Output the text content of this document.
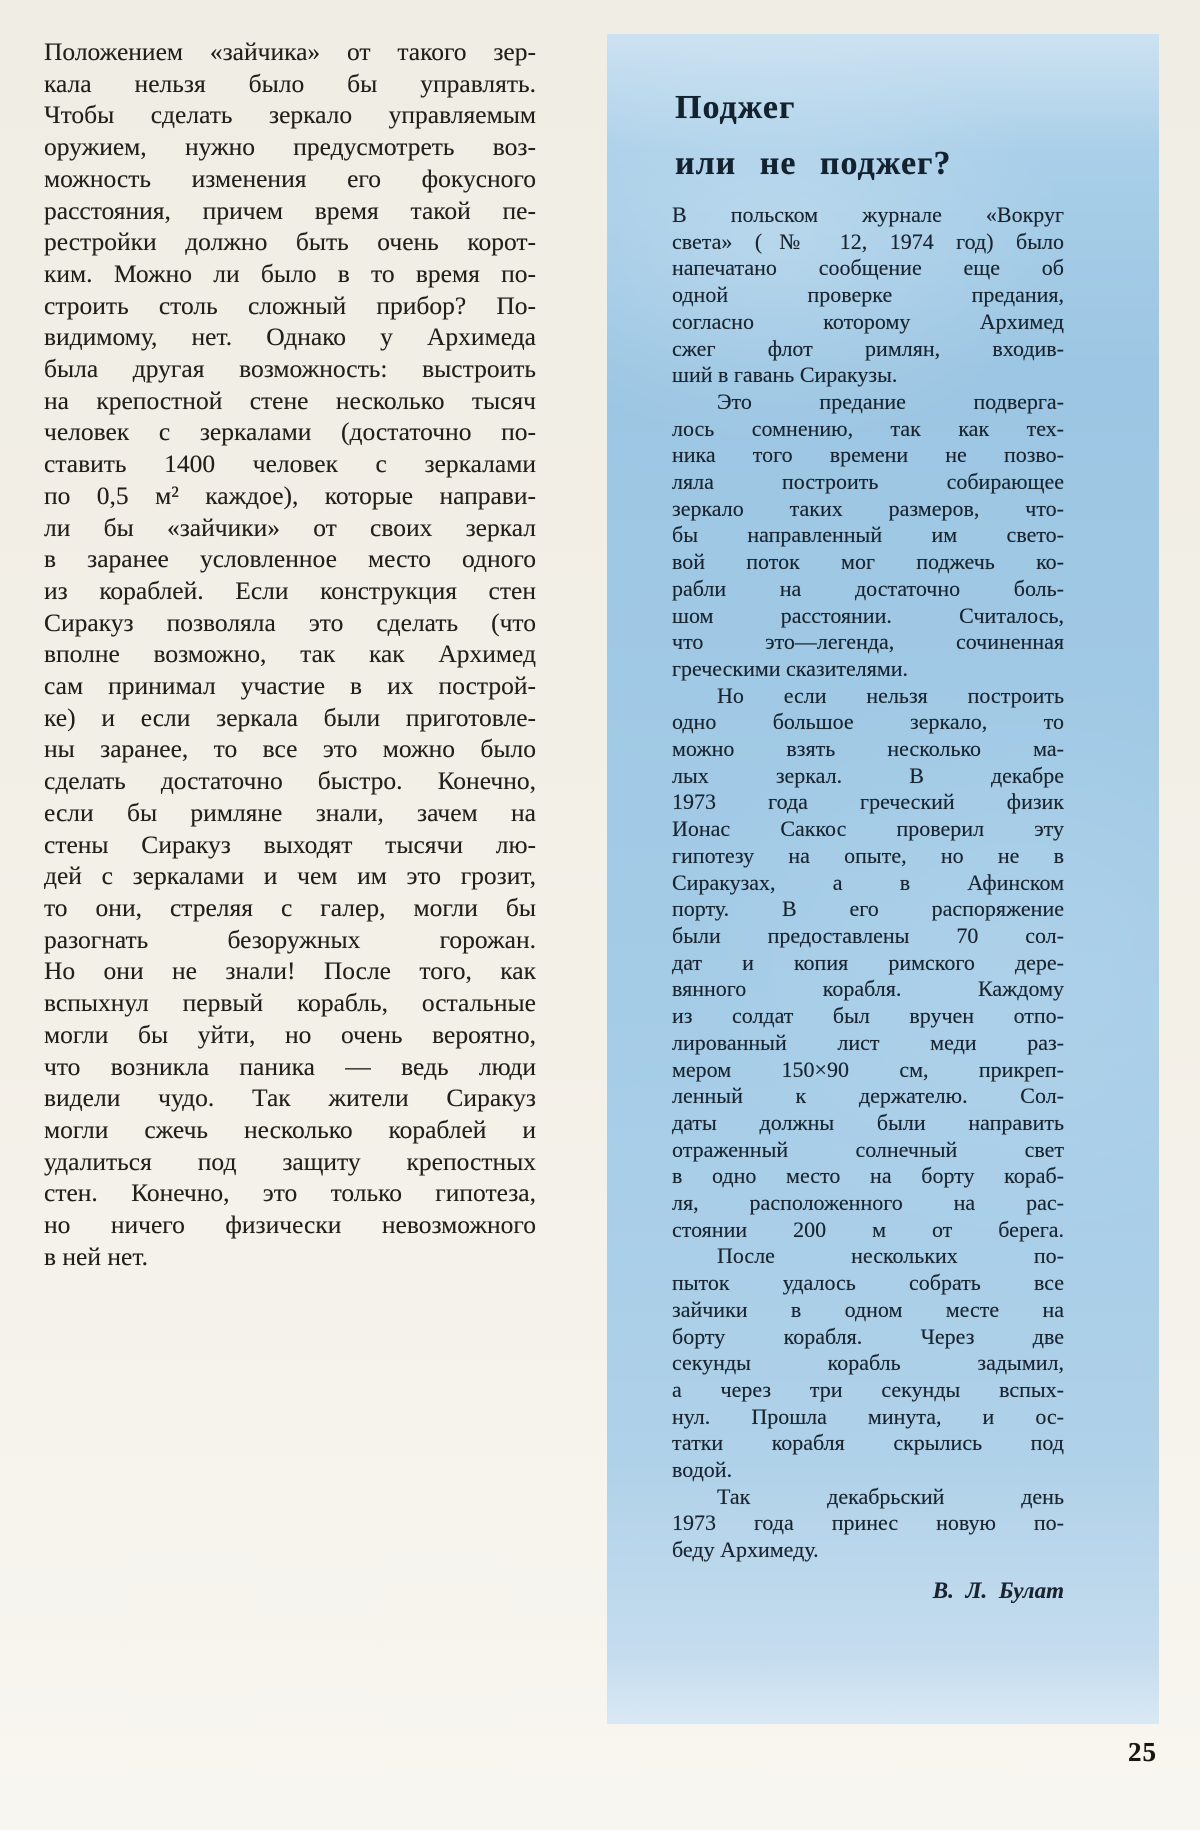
Положением «зайчика» от такого зер-
кала нельзя было бы управлять.
Чтобы сделать зеркало управляемым
оружием, нужно предусмотреть воз-
можность изменения его фокусного
расстояния, причем время такой пе-
рестройки должно быть очень корот-
ким. Можно ли было в то время по-
строить столь сложный прибор? По-
видимому, нет. Однако у Архимеда
была другая возможность: выстроить
на крепостной стене несколько тысяч
человек с зеркалами (достаточно по-
ставить 1400 человек с зеркалами
по 0,5 м² каждое), которые направи-
ли бы «зайчики» от своих зеркал
в заранее условленное место одного
из кораблей. Если конструкция стен
Сиракуз позволяла это сделать (что
вполне возможно, так как Архимед
сам принимал участие в их построй-
ке) и если зеркала были приготовле-
ны заранее, то все это можно было
сделать достаточно быстро. Конечно,
если бы римляне знали, зачем на
стены Сиракуз выходят тысячи лю-
дей с зеркалами и чем им это грозит,
то они, стреляя с галер, могли бы
разогнать безоружных горожан.
Но они не знали! После того, как
вспыхнул первый корабль, остальные
могли бы уйти, но очень вероятно,
что возникла паника — ведь люди
видели чудо. Так жители Сиракуз
могли сжечь несколько кораблей и
удалиться под защиту крепостных
стен. Конечно, это только гипотеза,
но ничего физически невозможного
в ней нет.
Поджег
или не поджег?
В польском журнале «Вокруг
света» (№ 12, 1974 год) было
напечатано сообщение еще об
одной проверке предания,
согласно которому Архимед
сжег флот римлян, входив-
ший в гавань Сиракузы.
Это предание подверга-
лось сомнению, так как тех-
ника того времени не позво-
ляла построить собирающее
зеркало таких размеров, что-
бы направленный им свето-
вой поток мог поджечь ко-
рабли на достаточно боль-
шом расстоянии. Считалось,
что это—легенда, сочиненная
греческими сказителями.
Но если нельзя построить
одно большое зеркало, то
можно взять несколько ма-
лых зеркал. В декабре
1973 года греческий физик
Ионас Саккос проверил эту
гипотезу на опыте, но не в
Сиракузах, а в Афинском
порту. В его распоряжение
были предоставлены 70 сол-
дат и копия римского дере-
вянного корабля. Каждому
из солдат был вручен отпо-
лированный лист меди раз-
мером 150×90 см, прикреп-
ленный к держателю. Сол-
даты должны были направить
отраженный солнечный свет
в одно место на борту кораб-
ля, расположенного на рас-
стоянии 200 м от берега.
После нескольких по-
пыток удалось собрать все
зайчики в одном месте на
борту корабля. Через две
секунды корабль задымил,
а через три секунды вспых-
нул. Прошла минута, и ос-
татки корабля скрылись под
водой.
Так декабрьский день
1973 года принес новую по-
беду Архимеду.
В. Л. Булат
25
